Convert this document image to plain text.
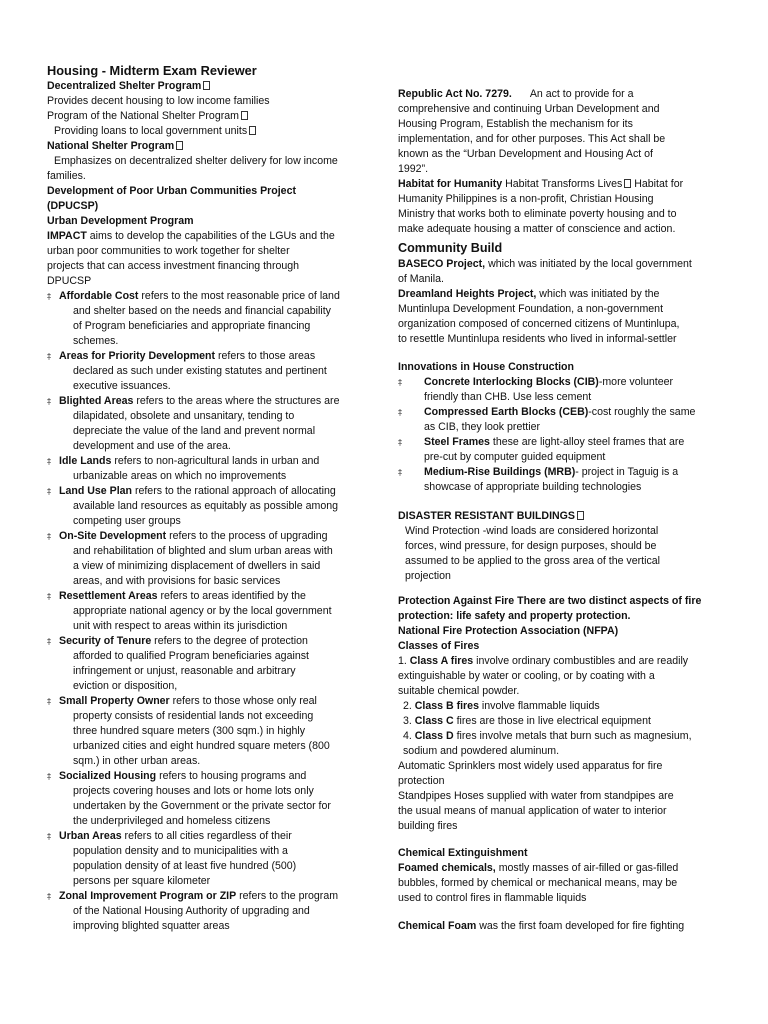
Housing - Midterm Exam Reviewer
Decentralized Shelter Program
Provides decent housing to low income families
Program of the National Shelter Program
Providing loans to local government units
National Shelter Program
Emphasizes on decentralized shelter delivery for low income
families.
Development of Poor Urban Communities Project
(DPUCSP)
Urban Development Program
IMPACT aims to develop the capabilities of the LGUs and the
urban poor communities to work together for shelter
projects that can access investment financing through
DPUCSP
‡ Affordable Cost refers to the most reasonable price of land
and shelter based on the needs and financial capability
of Program beneficiaries and appropriate financing
schemes.
‡ Areas for Priority Development refers to those areas
declared as such under existing statutes and pertinent
executive issuances.
‡ Blighted Areas refers to the areas where the structures are
dilapidated, obsolete and unsanitary, tending to
depreciate the value of the land and prevent normal
development and use of the area.
‡ Idle Lands refers to non-agricultural lands in urban and
urbanizable areas on which no improvements
‡ Land Use Plan refers to the rational approach of allocating
available land resources as equitably as possible among
competing user groups
‡ On-Site Development refers to the process of upgrading
and rehabilitation of blighted and slum urban areas with
a view of minimizing displacement of dwellers in said
areas, and with provisions for basic services
‡ Resettlement Areas refers to areas identified by the
appropriate national agency or by the local government
unit with respect to areas within its jurisdiction
‡ Security of Tenure refers to the degree of protection
afforded to qualified Program beneficiaries against
infringement or unjust, reasonable and arbitrary
eviction or disposition,
‡ Small Property Owner refers to those whose only real
property consists of residential lands not exceeding
three hundred square meters (300 sqm.) in highly
urbanized cities and eight hundred square meters (800
sqm.) in other urban areas.
‡ Socialized Housing refers to housing programs and
projects covering houses and lots or home lots only
undertaken by the Government or the private sector for
the underprivileged and homeless citizens
‡ Urban Areas refers to all cities regardless of their
population density and to municipalities with a
population density of at least five hundred (500)
persons per square kilometer
‡ Zonal Improvement Program or ZIP refers to the program
of the National Housing Authority of upgrading and
improving blighted squatter areas
Republic Act No. 7279. An act to provide for a
comprehensive and continuing Urban Development and
Housing Program, Establish the mechanism for its
implementation, and for other purposes. This Act shall be
known as the “Urban Development and Housing Act of
1992”.
Habitat for Humanity Habitat Transforms Lives Habitat for
Humanity Philippines is a non-profit, Christian Housing
Ministry that works both to eliminate poverty housing and to
make adequate housing a matter of conscience and action.
Community Build
BASECO Project, which was initiated by the local government
of Manila.
Dreamland Heights Project, which was initiated by the
Muntinlupa Development Foundation, a non-government
organization composed of concerned citizens of Muntinlupa,
to resettle Muntinlupa residents who lived in informal-settler
Innovations in House Construction
‡	Concrete Interlocking Blocks (CIB)-more volunteer
friendly than CHB. Use less cement
‡	Compressed Earth Blocks (CEB)-cost roughly the same
as CIB, they look prettier
‡	Steel Frames these are light-alloy steel frames that are
pre-cut by computer guided equipment
‡	Medium-Rise Buildings (MRB)- project in Taguig is a
showcase of appropriate building technologies
DISASTER RESISTANT BUILDINGS
Wind Protection -wind loads are considered horizontal
forces, wind pressure, for design purposes, should be
assumed to be applied to the gross area of the vertical
projection
Protection Against Fire There are two distinct aspects of fire
protection: life safety and property protection.
National Fire Protection Association (NFPA)
Classes of Fires
1. Class A fires involve ordinary combustibles and are readily
extinguishable by water or cooling, or by coating with a
suitable chemical powder.
2. Class B fires involve flammable liquids
3. Class C fires are those in live electrical equipment
4. Class D fires involve metals that burn such as magnesium,
sodium and powdered aluminum.
Automatic Sprinklers most widely used apparatus for fire
protection
Standpipes Hoses supplied with water from standpipes are
the usual means of manual application of water to interior
building fires
Chemical Extinguishment
Foamed chemicals, mostly masses of air-filled or gas-filled
bubbles, formed by chemical or mechanical means, may be
used to control fires in flammable liquids
Chemical Foam was the first foam developed for fire fighting
